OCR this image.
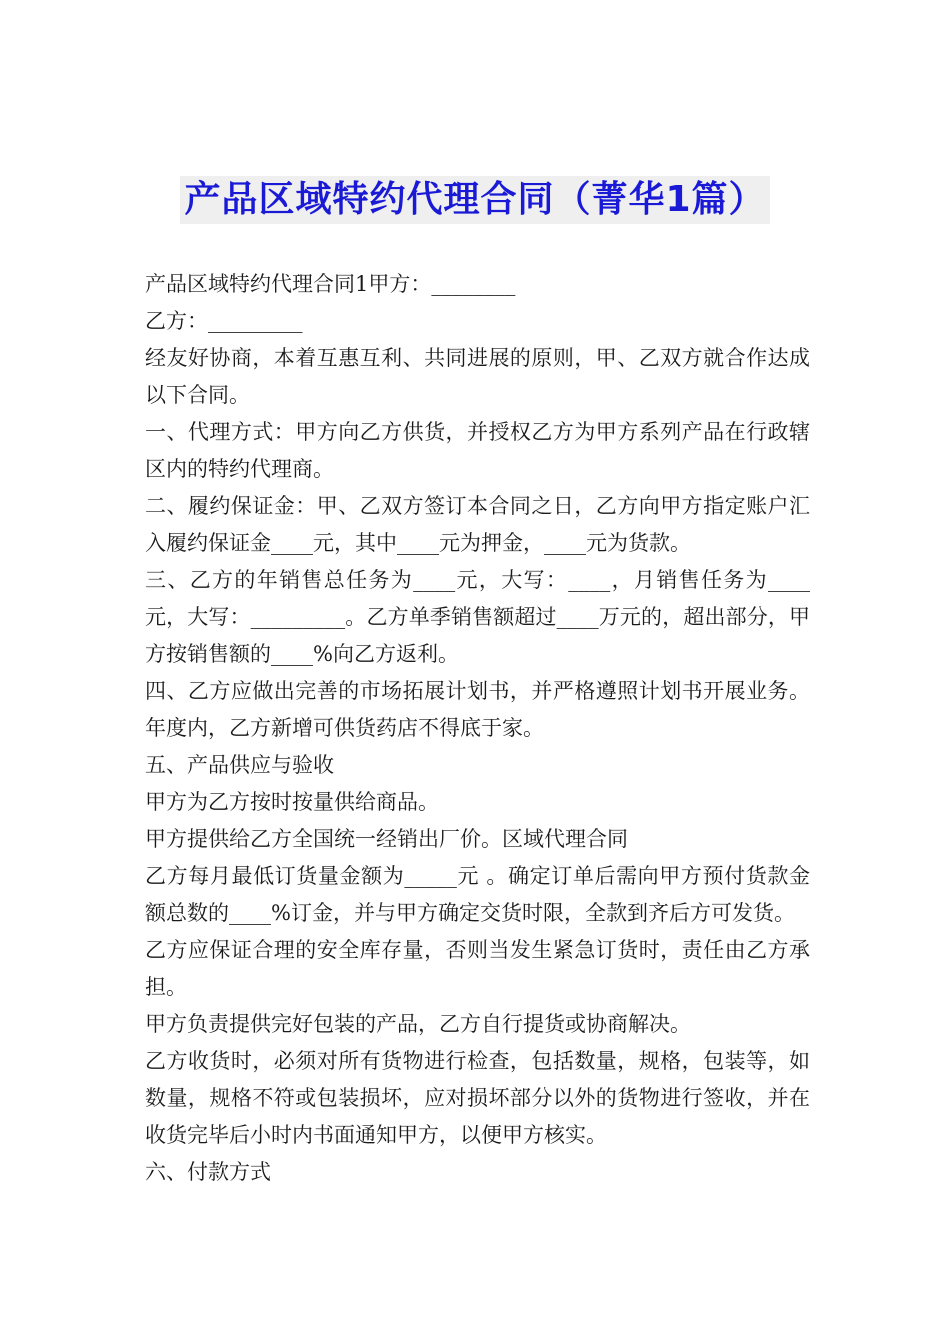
产品区域特约代理合同（菁华1篇）

产品区域特约代理合同1甲方：________

乙方：_________

经友好协商，本着互惠互利、共同进展的原则，甲、乙双方就合作达成以下合同。

一、代理方式：甲方向乙方供货，并授权乙方为甲方系列产品在行政辖区内的特约代理商。

二、履约保证金：甲、乙双方签订本合同之日，乙方向甲方指定账户汇入履约保证金____元，其中____元为押金，____元为货款。

三、乙方的年销售总任务为____元，大写：____，月销售任务为____元，大写：_________。乙方单季销售额超过____万元的，超出部分，甲方按销售额的____%向乙方返利。

四、乙方应做出完善的市场拓展计划书，并严格遵照计划书开展业务。年度内，乙方新增可供货药店不得底于家。

五、产品供应与验收

甲方为乙方按时按量供给商品。

甲方提供给乙方全国统一经销出厂价。区域代理合同

乙方每月最低订货量金额为_____元 。确定订单后需向甲方预付货款金额总数的____%订金，并与甲方确定交货时限，全款到齐后方可发货。

乙方应保证合理的安全库存量，否则当发生紧急订货时，责任由乙方承担。

甲方负责提供完好包装的产品，乙方自行提货或协商解决。

乙方收货时，必须对所有货物进行检查，包括数量，规格，包装等，如数量，规格不符或包装损坏，应对损坏部分以外的货物进行签收，并在收货完毕后小时内书面通知甲方，以便甲方核实。

六、付款方式
